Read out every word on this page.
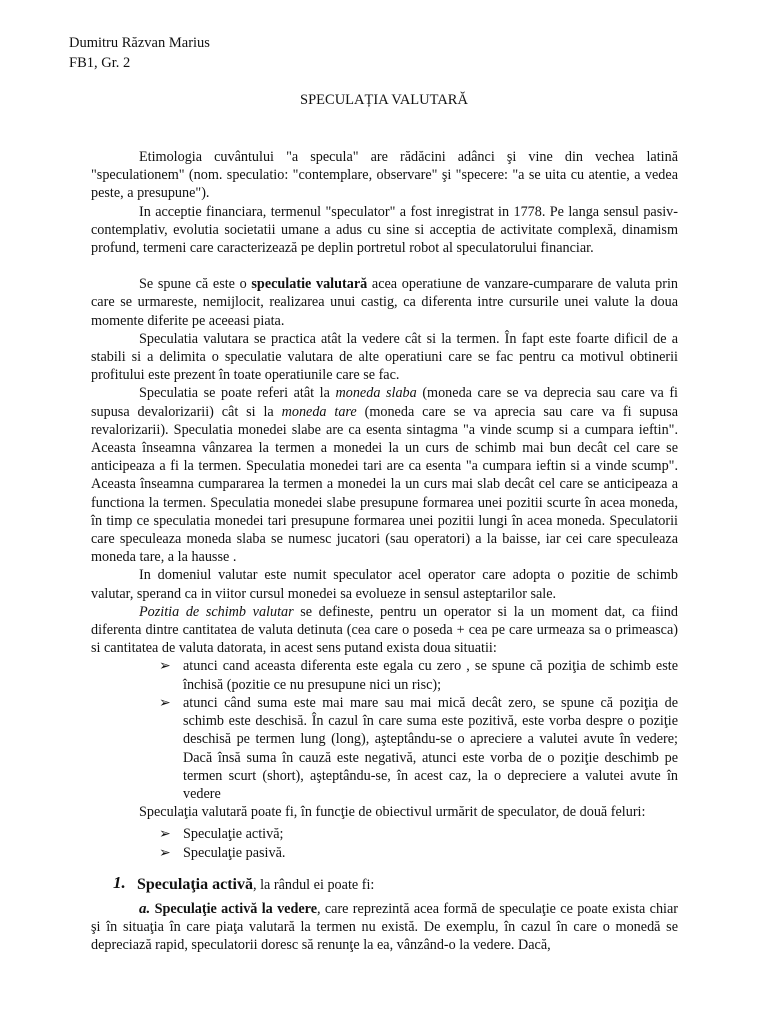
Dumitru Răzvan Marius
FB1, Gr. 2
SPECULAȚIA VALUTARĂ

Etimologia cuvântului "a specula" are rădăcini adânci şi vine din vechea latină "speculationem" (nom. speculatio: "contemplare, observare" şi "specere: "a se uita cu atentie, a vedea peste, a presupune").

In acceptie financiara, termenul "speculator" a fost inregistrat in 1778. Pe langa sensul pasiv-contemplativ, evolutia societatii umane a adus cu sine si acceptia de activitate complexă, dinamism profund, termeni care caracterizează pe deplin portretul robot al speculatorului financiar.

Se spune că este o speculatie valutară acea operatiune de vanzare-cumparare de valuta prin care se urmareste, nemijlocit, realizarea unui castig, ca diferenta intre cursurile unei valute la doua momente diferite pe aceeasi piata.

Speculatia valutara se practica atât la vedere cât si la termen. În fapt este foarte dificil de a stabili si a delimita o speculatie valutara de alte operatiuni care se fac pentru ca motivul obtinerii profitului este prezent în toate operatiunile care se fac.

Speculatia se poate referi atât la moneda slaba (moneda care se va deprecia sau care va fi supusa devalorizarii) cât si la moneda tare (moneda care se va aprecia sau care va fi supusa revalorizarii). Speculatia monedei slabe are ca esenta sintagma "a vinde scump si a cumpara ieftin". Aceasta înseamna vânzarea la termen a monedei la un curs de schimb mai bun decât cel care se anticipeaza a fi la termen. Speculatia monedei tari are ca esenta "a cumpara ieftin si a vinde scump". Aceasta înseamna cumpararea la termen a monedei la un curs mai slab decât cel care se anticipeaza a functiona la termen. Speculatia monedei slabe presupune formarea unei pozitii scurte în acea moneda, în timp ce speculatia monedei tari presupune formarea unei pozitii lungi în acea moneda. Speculatorii care speculeaza moneda slaba se numesc jucatori (sau operatori) a la baisse, iar cei care speculeaza moneda tare, a la hausse .

In domeniul valutar este numit speculator acel operator care adopta o pozitie de schimb valutar, sperand ca in viitor cursul monedei sa evolueze in sensul asteptarilor sale.

Pozitia de schimb valutar se defineste, pentru un operator si la un moment dat, ca fiind diferenta dintre cantitatea de valuta detinuta (cea care o poseda + cea pe care urmeaza sa o primeasca) si cantitatea de valuta datorata, in acest sens putand exista doua situatii:

➢ atunci cand aceasta diferenta este egala cu zero , se spune că poziţia de schimb este închisă (pozitie ce nu presupune nici un risc);

➢ atunci când suma este mai mare sau mai mică decât zero, se spune că poziţia de schimb este deschisă. În cazul în care suma este pozitivă, este vorba despre o poziţie deschisă pe termen lung (long), aşteptându-se o apreciere a valutei avute în vedere; Dacă însă suma în cauză este negativă, atunci este vorba de o poziţie deschimb pe termen scurt (short), aşteptându-se, în acest caz, la o depreciere a valutei avute în vedere

Speculaţia valutară poate fi, în funcţie de obiectivul urmărit de speculator, de două feluri:

➢ Speculaţie activă;

➢ Speculaţie pasivă.

1. Speculaţia activă, la rândul ei poate fi:

a. Speculaţie activă la vedere, care reprezintă acea formă de speculaţie ce poate exista chiar şi în situaţia în care piaţa valutară la termen nu există. De exemplu, în cazul în care o monedă se depreciază rapid, speculatorii doresc să renunţe la ea, vânzând-o la vedere. Dacă,
